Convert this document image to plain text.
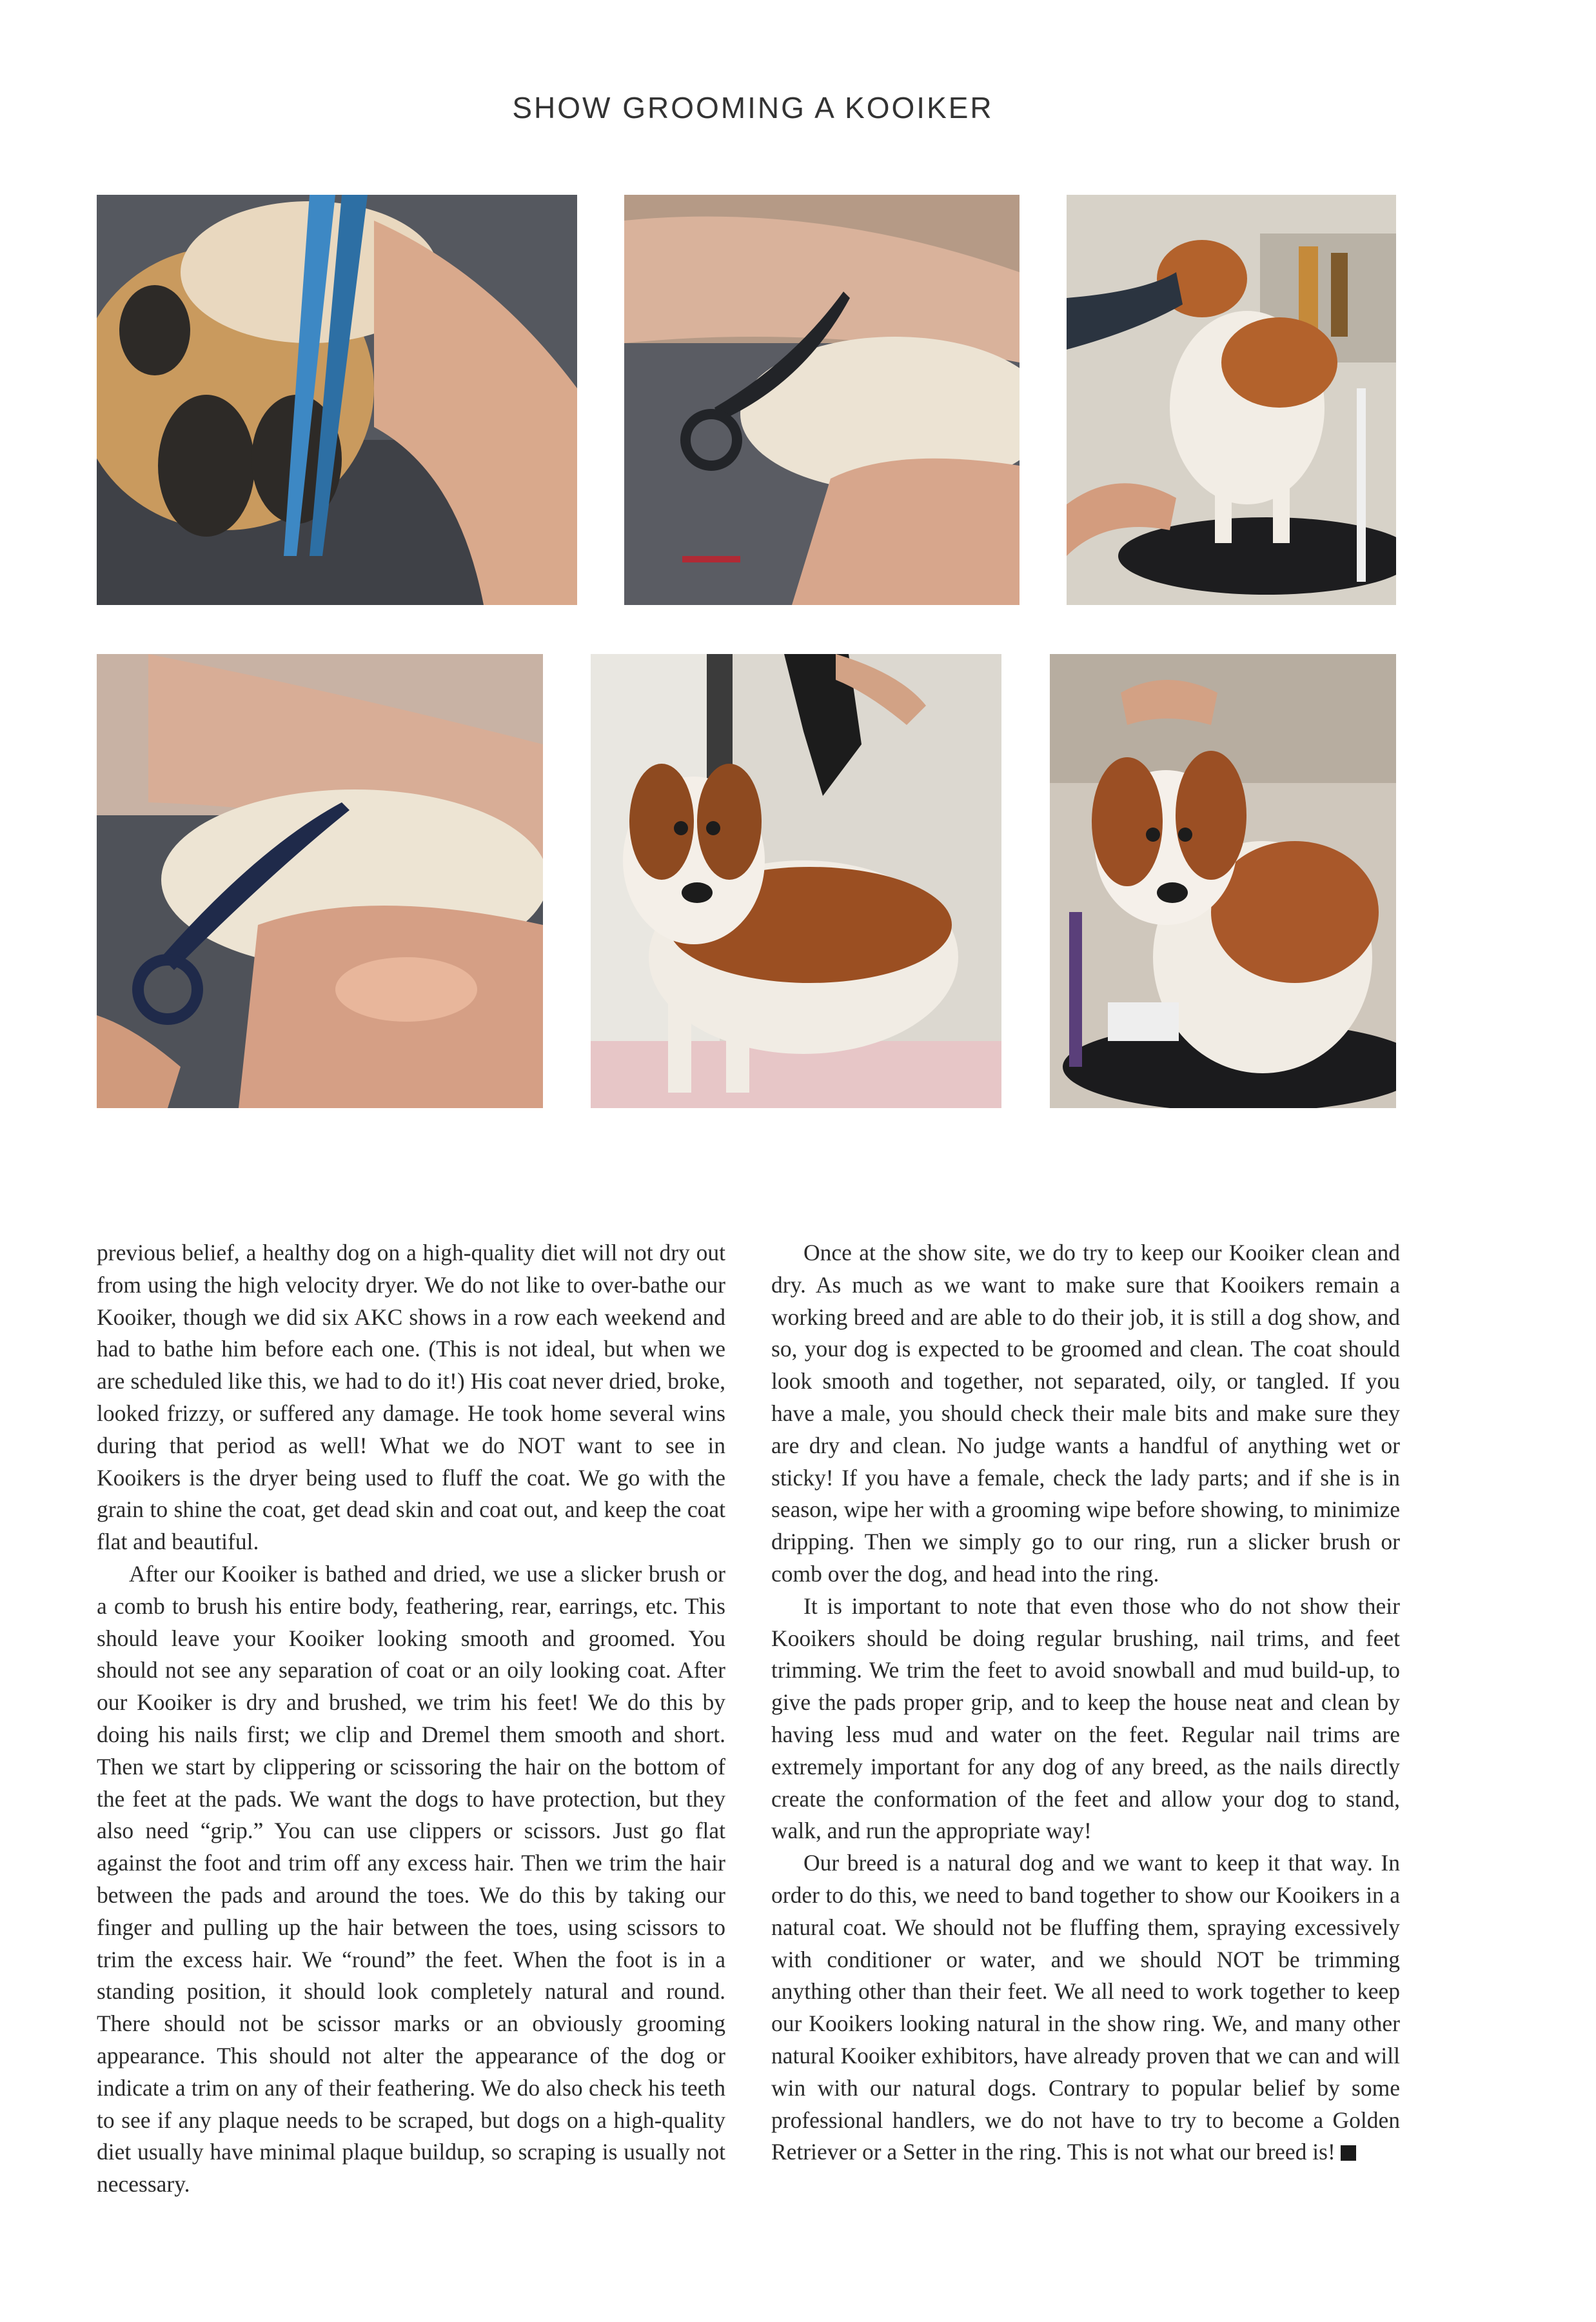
SHOW GROOMING A KOOIKER

previous belief, a healthy dog on a high-quality diet will not dry out from using the high velocity dryer. We do not like to over-bathe our Kooiker, though we did six AKC shows in a row each weekend and had to bathe him before each one. (This is not ideal, but when we are scheduled like this, we had to do it!) His coat never dried, broke, looked frizzy, or suffered any damage. He took home several wins during that period as well! What we do NOT want to see in Kooikers is the dryer being used to fluff the coat. We go with the grain to shine the coat, get dead skin and coat out, and keep the coat flat and beautiful.

After our Kooiker is bathed and dried, we use a slicker brush or a comb to brush his entire body, feathering, rear, earrings, etc. This should leave your Kooiker looking smooth and groomed. You should not see any separation of coat or an oily looking coat. After our Kooiker is dry and brushed, we trim his feet! We do this by doing his nails first; we clip and Dremel them smooth and short. Then we start by clippering or scissoring the hair on the bottom of the feet at the pads. We want the dogs to have protection, but they also need “grip.” You can use clippers or scissors. Just go flat against the foot and trim off any excess hair. Then we trim the hair between the pads and around the toes. We do this by taking our finger and pulling up the hair between the toes, using scissors to trim the excess hair. We “round” the feet. When the foot is in a standing position, it should look completely natural and round. There should not be scissor marks or an obviously grooming appearance. This should not alter the appearance of the dog or indicate a trim on any of their feathering. We do also check his teeth to see if any plaque needs to be scraped, but dogs on a high-quality diet usually have minimal plaque buildup, so scraping is usually not necessary.

Once at the show site, we do try to keep our Kooiker clean and dry. As much as we want to make sure that Kooikers remain a working breed and are able to do their job, it is still a dog show, and so, your dog is expected to be groomed and clean. The coat should look smooth and together, not separated, oily, or tangled. If you have a male, you should check their male bits and make sure they are dry and clean. No judge wants a handful of anything wet or sticky! If you have a female, check the lady parts; and if she is in season, wipe her with a grooming wipe before showing, to minimize dripping. Then we simply go to our ring, run a slicker brush or comb over the dog, and head into the ring.

It is important to note that even those who do not show their Kooikers should be doing regular brushing, nail trims, and feet trimming. We trim the feet to avoid snowball and mud build-up, to give the pads proper grip, and to keep the house neat and clean by having less mud and water on the feet. Regular nail trims are extremely important for any dog of any breed, as the nails directly create the conformation of the feet and allow your dog to stand, walk, and run the appropriate way!

Our breed is a natural dog and we want to keep it that way. In order to do this, we need to band together to show our Kooikers in a natural coat. We should not be fluffing them, spraying excessively with conditioner or water, and we should NOT be trimming anything other than their feet. We all need to work together to keep our Kooikers looking natural in the show ring. We, and many other natural Kooiker exhibitors, have already proven that we can and will win with our natural dogs. Contrary to popular belief by some professional handlers, we do not have to try to become a Golden Retriever or a Setter in the ring. This is not what our breed is!
